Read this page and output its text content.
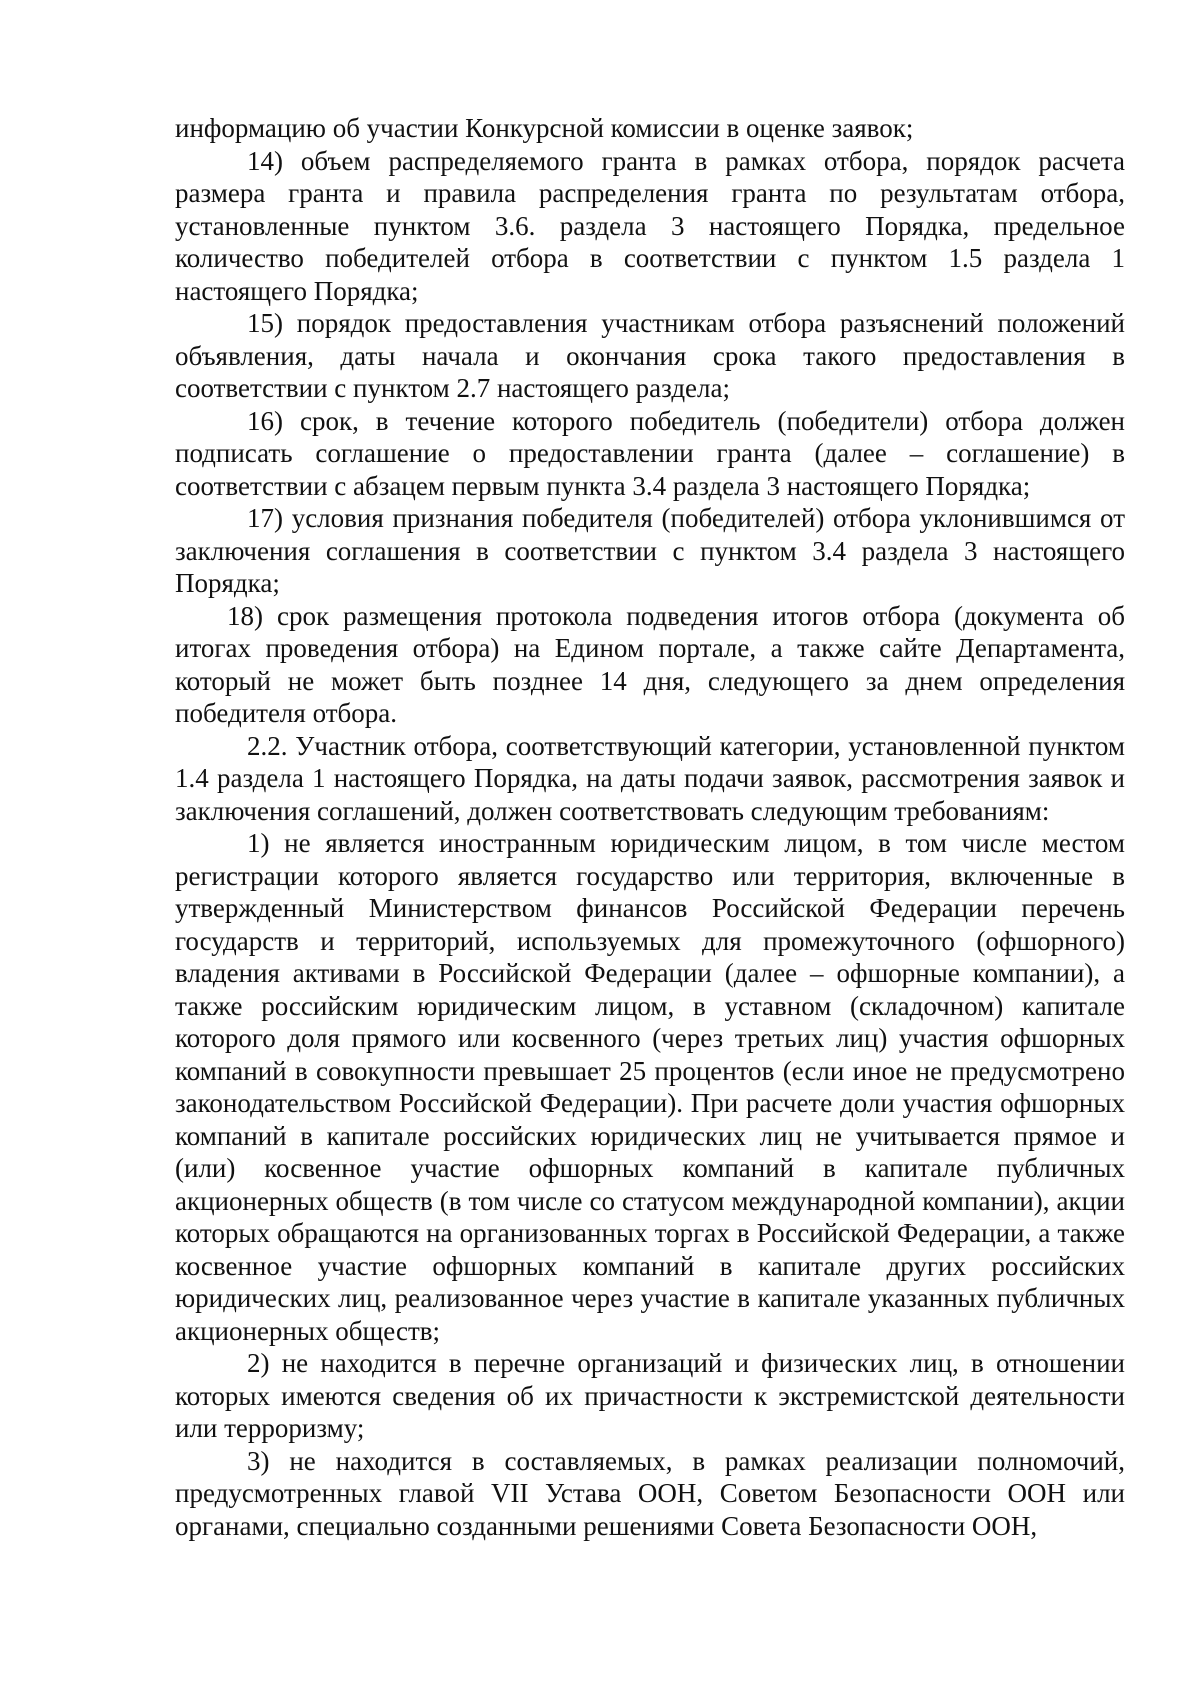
информацию об участии Конкурсной комиссии в оценке заявок;

14) объем распределяемого гранта в рамках отбора, порядок расчета размера гранта и правила распределения гранта по результатам отбора, установленные пунктом 3.6. раздела 3 настоящего Порядка, предельное количество победителей отбора в соответствии с пунктом 1.5 раздела 1 настоящего Порядка;

15) порядок предоставления участникам отбора разъяснений положений объявления, даты начала и окончания срока такого предоставления в соответствии с пунктом 2.7 настоящего раздела;

16) срок, в течение которого победитель (победители) отбора должен подписать соглашение о предоставлении гранта (далее – соглашение) в соответствии с абзацем первым пункта 3.4 раздела 3 настоящего Порядка;

17) условия признания победителя (победителей) отбора уклонившимся от заключения соглашения в соответствии с пунктом 3.4 раздела 3 настоящего Порядка;

18) срок размещения протокола подведения итогов отбора (документа об итогах проведения отбора) на Едином портале, а также сайте Департамента, который не может быть позднее 14 дня, следующего за днем определения победителя отбора.

2.2. Участник отбора, соответствующий категории, установленной пунктом 1.4 раздела 1 настоящего Порядка, на даты подачи заявок, рассмотрения заявок и заключения соглашений, должен соответствовать следующим требованиям:

1) не является иностранным юридическим лицом, в том числе местом регистрации которого является государство или территория, включенные в утвержденный Министерством финансов Российской Федерации перечень государств и территорий, используемых для промежуточного (офшорного) владения активами в Российской Федерации (далее – офшорные компании), а также российским юридическим лицом, в уставном (складочном) капитале которого доля прямого или косвенного (через третьих лиц) участия офшорных компаний в совокупности превышает 25 процентов (если иное не предусмотрено законодательством Российской Федерации). При расчете доли участия офшорных компаний в капитале российских юридических лиц не учитывается прямое и (или) косвенное участие офшорных компаний в капитале публичных акционерных обществ (в том числе со статусом международной компании), акции которых обращаются на организованных торгах в Российской Федерации, а также косвенное участие офшорных компаний в капитале других российских юридических лиц, реализованное через участие в капитале указанных публичных акционерных обществ;

2) не находится в перечне организаций и физических лиц, в отношении которых имеются сведения об их причастности к экстремистской деятельности или терроризму;

3) не находится в составляемых, в рамках реализации полномочий, предусмотренных главой VII Устава ООН, Советом Безопасности ООН или органами, специально созданными решениями Совета Безопасности ООН,
